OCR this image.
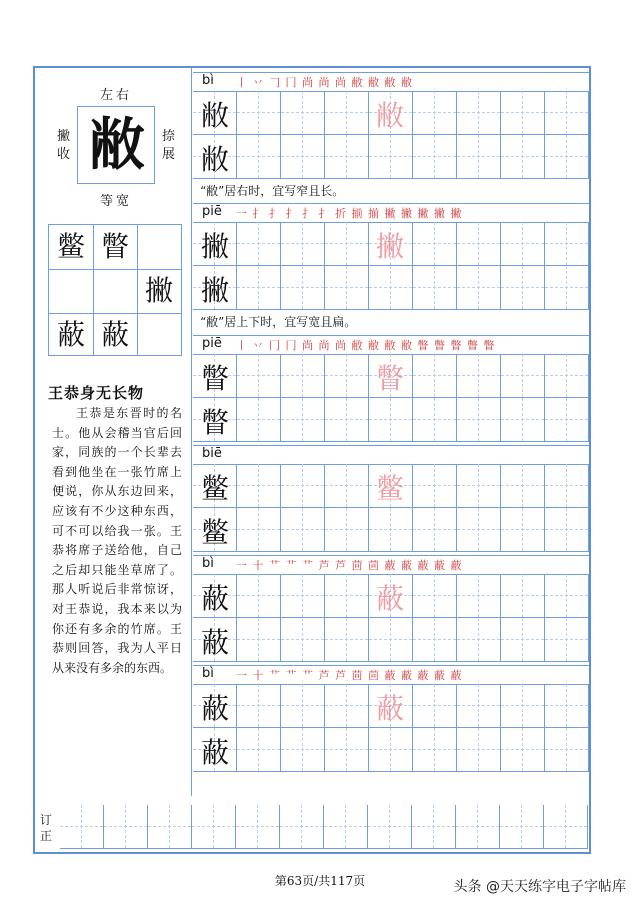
左右
撇收 敝	捺展
等宽
鳖 瞥
撇
蔽 蔽
王恭身无长物
王恭是东晋时的名士。他从会稽当官后回家，同族的一个长辈去看到他坐在一张竹席上便说，你从东边回来，应该有不少这种东西，可不可以给我一张。王恭将席子送给他，自己之后却只能坐草席了。那人听说后非常惊讶，对王恭说，我本来以为你还有多余的竹席。王恭则回答，我为人平日从来没有多余的东西。
bì 丨 丷 𠃌 冂 尚 尚 尚 敝 敝 敝 敝
敝
敝
敝
“敝”居右时，宜写窄且长。
piē 一 扌 扌 扌 扌 扌 折 揃 揃 撇 撇 撇 撇 撇
撇
撇
撇
“敝”居上下时，宜写宽且扁。
piē 丨 丷 冂 冂 尚 尚 尚 敝 敝 敝 敝 瞥 瞥 瞥 瞥 瞥
瞥
瞥
瞥
biē
鳖
鳖
鳖
bì 一 十 艹 艹 艹 芦 芦 茴 茴 蔽 蔽 蔽 蔽 蔽
蔽
蔽
蔽
bì 一 十 艹 艹 艹 芦 芦 茴 茴 蔽 蔽 蔽 蔽 蔽
蔽
蔽
蔽
订正
第63页/共117页	头条 @天天练字电子字帖库
